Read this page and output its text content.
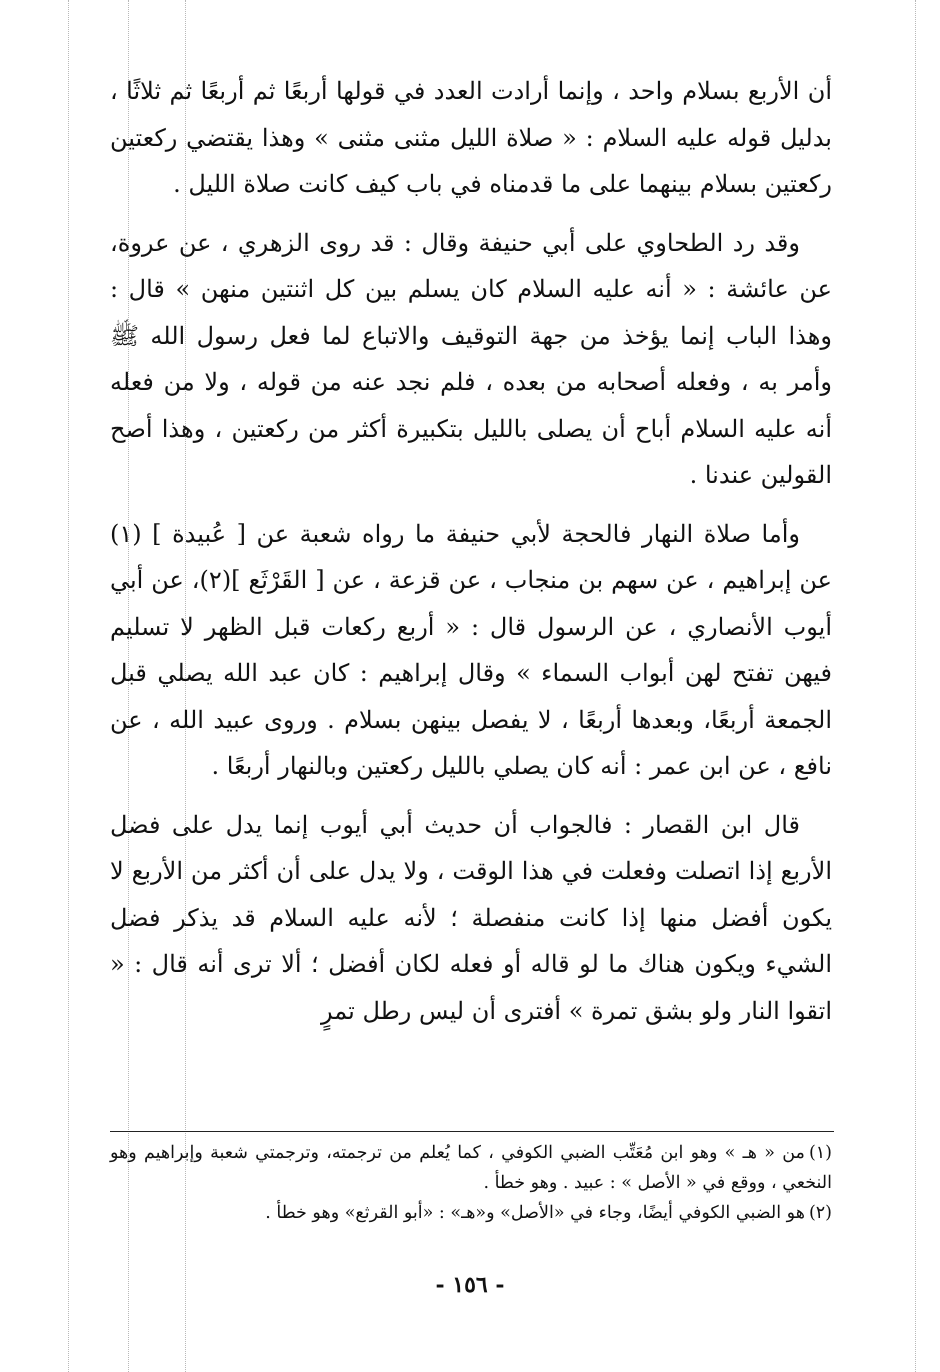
أن الأربع بسلام واحد ، وإنما أرادت العدد في قولها أربعًا ثم أربعًا ثم ثلاثًا ، بدليل قوله عليه السلام : « صلاة الليل مثنى مثنى » وهذا يقتضي ركعتين ركعتين بسلام بينهما على ما قدمناه في باب كيف كانت صلاة الليل .

وقد رد الطحاوي على أبي حنيفة وقال : قد روى الزهري ، عن عروة، عن عائشة : « أنه عليه السلام كان يسلم بين كل اثنتين منهن » قال : وهذا الباب إنما يؤخذ من جهة التوقيف والاتباع لما فعل رسول الله ﷺ وأمر به ، وفعله أصحابه من بعده ، فلم نجد عنه من قوله ، ولا من فعله أنه عليه السلام أباح أن يصلى بالليل بتكبيرة أكثر من ركعتين ، وهذا أصح القولين عندنا .

وأما صلاة النهار فالحجة لأبي حنيفة ما رواه شعبة عن [ عُبيدة ] (١) عن إبراهيم ، عن سهم بن منجاب ، عن قزعة ، عن [ القَرْثَع ](٢)، عن أبي أيوب الأنصاري ، عن الرسول قال : « أربع ركعات قبل الظهر لا تسليم فيهن تفتح لهن أبواب السماء » وقال إبراهيم : كان عبد الله يصلي قبل الجمعة أربعًا، وبعدها أربعًا ، لا يفصل بينهن بسلام . وروى عبيد الله ، عن نافع ، عن ابن عمر : أنه كان يصلي بالليل ركعتين وبالنهار أربعًا .

قال ابن القصار : فالجواب أن حديث أبي أيوب إنما يدل على فضل الأربع إذا اتصلت وفعلت في هذا الوقت ، ولا يدل على أن أكثر من الأربع لا يكون أفضل منها إذا كانت منفصلة ؛ لأنه عليه السلام قد يذكر فضل الشيء ويكون هناك ما لو قاله أو فعله لكان أفضل ؛ ألا ترى أنه قال : « اتقوا النار ولو بشق تمرة » أفترى أن ليس رطل تمرٍ

(١)من « هـ » وهو ابن مُعَتِّب الضبي الكوفي ، كما يُعلم من ترجمته، وترجمتي شعبة وإبراهيم وهو النخعي ، ووقع في « الأصل » : عبيد . وهو خطأ .

(٢)هو الضبي الكوفي أيضًا، وجاء في «الأصل» و«هـ» : «أبو القرثع» وهو خطأ .

- ١٥٦ -
